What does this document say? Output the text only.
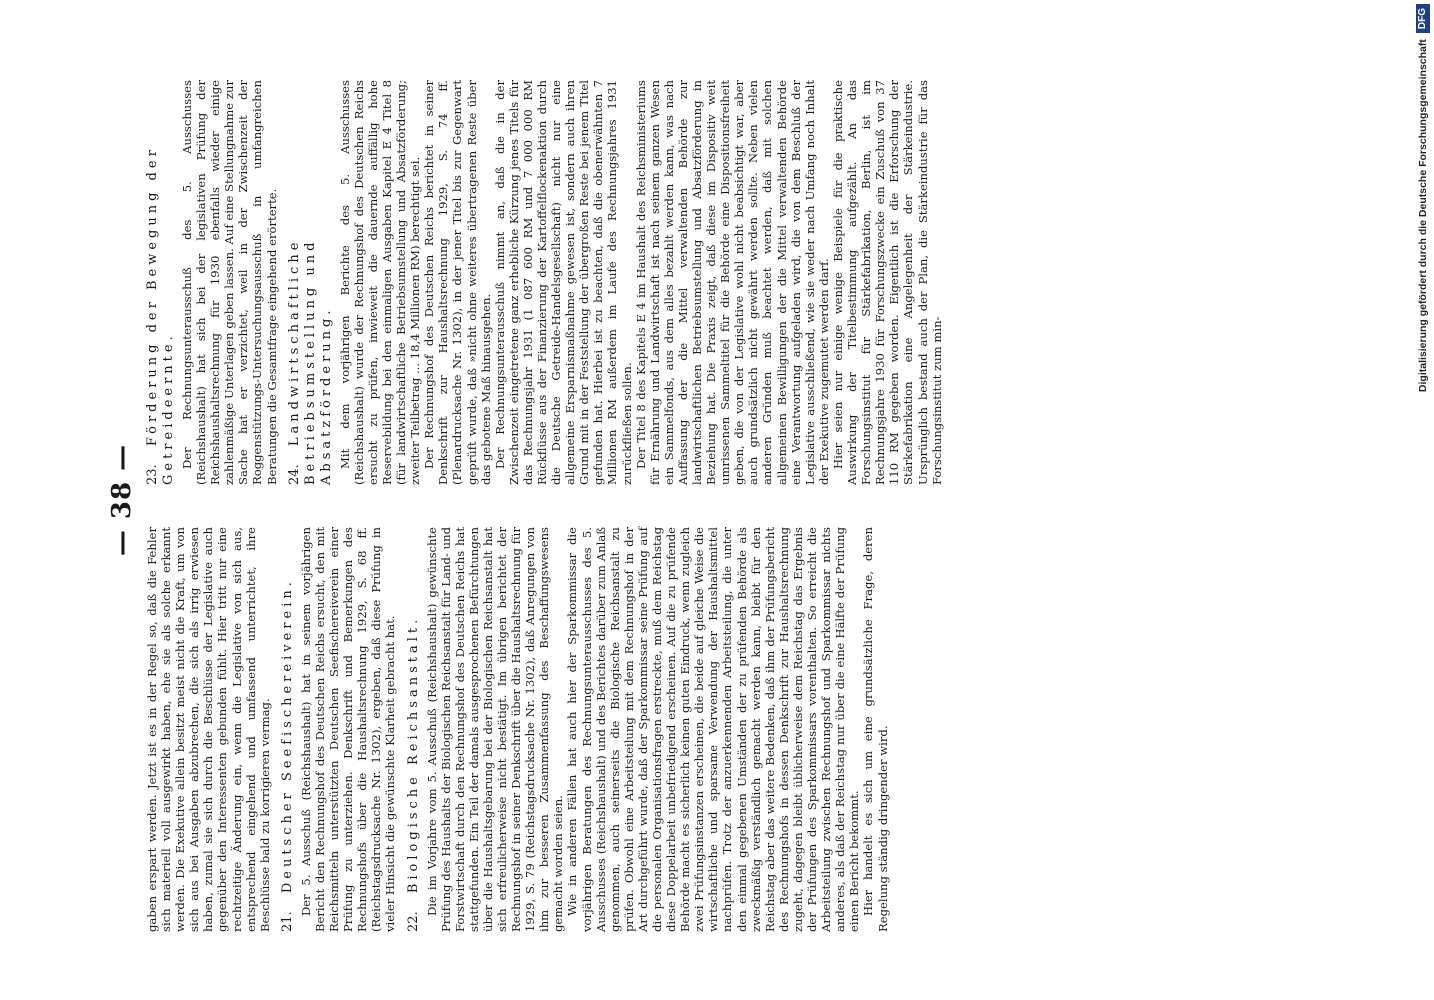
— 38 —

gaben erspart werden. Jetzt ist es in der Regel so, daß die Fehler sich materiell voll ausgewirkt haben, ehe sie als solche erkannt werden. Die Exekutive allein besitzt meist nicht die Kraft, um von sich aus bei Ausgaben abzubrechen, die sich als irrig erwiesen haben, zumal sie sich durch die Beschlüsse der Legislative auch gegenüber den Interessenten gebunden fühlt. Hier tritt nur eine rechtzeitige Änderung ein, wenn die Legislative von sich aus, entsprechend eingehend und umfassend unterrichtet, ihre Beschlüsse bald zu korrigieren vermag. 21. Deutscher Seefischereiverein. Der 5. Ausschuß (Reichshaushalt) hat in seinem vorjährigen Bericht den Rechnungshof des Deutschen Reichs ersucht, den mit Reichsmitteln unterstützten Deutschen Seefischereiverein einer Prüfung zu unterziehen. Denkschrift und Bemerkungen des Rechnungshofs über die Haushaltsrechnung 1929, S. 68 ff. (Reichstagsdrucksache Nr. 1302), ergeben, daß diese Prüfung in vieler Hinsicht die gewünschte Klarheit gebracht hat. 22. Biologische Reichsanstalt. Die im Vorjahre vom 5. Ausschuß (Reichshaushalt) gewünschte Prüfung des Haushalts der Biologischen Reichsanstalt für Land- und Forstwirtschaft durch den Rechnungshof des Deutschen Reichs hat stattgefunden. Ein Teil der damals ausgesprochenen Befürchtungen über die Haushaltsgebarung bei der Biologischen Reichsanstalt hat sich erfreulicherweise nicht bestätigt. Im übrigen berichtet der Rechnungshof in seiner Denkschrift über die Haushaltsrechnung für 1929, S. 79 (Reichstagsdrucksache Nr. 1302), daß Anregungen von ihm zur besseren Zusammenfassung des Beschaffungswesens gemacht worden seien. Wie in anderen Fällen hat auch hier der Sparkommissar die vorjährigen Beratungen des Rechnungsunterausschusses des 5. Ausschusses (Reichshaushalt) und des Berichtes darüber zum Anlaß genommen, auch seinerseits die Biologische Reichsanstalt zu prüfen. Obwohl eine Arbeitsteilung mit dem Rechnungshof in der Art durchgeführt wurde, daß der Sparkommissar seine Prüfung auf die personalen Organisationsfragen erstreckte, muß dem Reichstag diese Doppelarbeit unbefriedigend erscheinen. Auf die zu prüfende Behörde macht es sicherlich keinen guten Eindruck, wenn zugleich zwei Prüfungsinstanzen erscheinen, die beide auf gleiche Weise die wirtschaftliche und sparsame Verwendung der Haushaltsmittel nachprüfen. Trotz der anzuerkennenden Arbeitsteilung, die unter den einmal gegebenen Umständen der zu prüfenden Behörde als zweckmäßig verständlich gemacht werden kann, bleibt für den Reichstag aber das weitere Bedenken, daß ihm der Prüfungsbericht des Rechnungshofs in dessen Denkschrift zur Haushaltsrechnung zugeht, dagegen bleibt üblicherweise dem Reichstag das Ergebnis der Prüfungen des Sparkommissars vorenthalten. So erreicht die Arbeitsteilung zwischen Rechnungshof und Sparkommissar nichts anderes, als daß der Reichstag nur über die eine Hälfte der Prüfung einen Bericht bekommt. Hier handelt es sich um eine grundsätzliche Frage, deren Regelung ständig dringender wird.

23. Förderung der Bewegung der Getreideernte. Der Rechnungsunterausschuß des 5. Ausschusses (Reichshaushalt) hat sich bei der legislativen Prüfung der Reichshaushaltsrechnung für 1930 ebenfalls wieder einige zahlenmäßige Unterlagen geben lassen. Auf eine Stellungnahme zur Sache hat er verzichtet, weil in der Zwischenzeit der Roggenstützungs-Untersuchungsausschuß in umfangreichen Beratungen die Gesamtfrage eingehend erörterte. 24. Landwirtschaftliche Betriebsumstellung und Absatzförderung. Mit dem vorjährigen Berichte des 5. Ausschusses (Reichshaushalt) wurde der Rechnungshof des Deutschen Reichs ersucht zu prüfen, inwieweit die dauernde auffällig hohe Reservebildung bei den einmaligen Ausgaben Kapitel E 4 Titel 8 (für landwirtschaftliche Betriebsumstellung und Absatzförderung; zweiter Teilbetrag ... 18,4 Millionen RM) berechtigt sei. Der Rechnungshof des Deutschen Reichs berichtet in seiner Denkschrift zur Haushaltsrechnung 1929, S. 74 ff. (Plenardrucksache Nr. 1302), in der jener Titel bis zur Gegenwart geprüft wurde, daß »nicht ohne weiteres übertragenen Reste über das gebotene Maß hinausgehen. Der Rechnungsunterausschuß nimmt an, daß die in der Zwischenzeit eingetretene ganz erhebliche Kürzung jenes Titels für das Rechnungsjahr 1931 (1 087 600 RM und 7 000 000 RM Rückflüsse aus der Finanzierung der Kartoffelflockenaktion durch die Deutsche Getreide-Handelsgesellschaft) nicht nur eine allgemeine Ersparnismaßnahme gewesen ist, sondern auch ihren Grund mit in der Feststellung der übergroßen Reste bei jenem Titel gefunden hat. Hierbei ist zu beachten, daß die obenerwähnten 7 Millionen RM außerdem im Laufe des Rechnungsjahres 1931 zurückfließen sollen. Der Titel 8 des Kapitels E 4 im Haushalt des Reichsministeriums für Ernährung und Landwirtschaft ist nach seinem ganzen Wesen ein Sammelfonds, aus dem alles bezahlt werden kann, was nach Auffassung der die Mittel verwaltenden Behörde zur landwirtschaftlichen Betriebsumstellung und Absatzförderung in Beziehung hat. Die Praxis zeigt, daß diese im Dispositiv weit umrissenen Sammeltitel für die Behörde eine Dispositionsfreiheit geben, die von der Legislative wohl nicht beabsichtigt war, aber auch grundsätzlich nicht gewährt werden sollte. Neben vielen anderen Gründen muß beachtet werden, daß mit solchen allgemeinen Bewilligungen der die Mittel verwaltenden Behörde eine Verantwortung aufgeladen wird, die von dem Beschluß der Legislative ausschließend, wie sie weder nach Umfang noch Inhalt der Exekutive zugemutet werden darf. Hier seien nur einige wenige Beispiele für die praktische Auswirkung der Titelbestimmung aufgezählt. An das Forschungsinstitut für Stärkefabrikation, Berlin, ist im Rechnungsjahre 1930 für Forschungszwecke ein Zuschuß von 37 110 RM gegeben worden. Eigentlich ist die Erforschung der Stärkefabrikation eine Angelegenheit der Stärkeindustrie. Ursprünglich bestand auch der Plan, die Stärkeindustrie für das Forschungsinstitut zum min-

Digitalisierung gefördert durch die Deutsche Forschungsgemeinschaft
DFG
